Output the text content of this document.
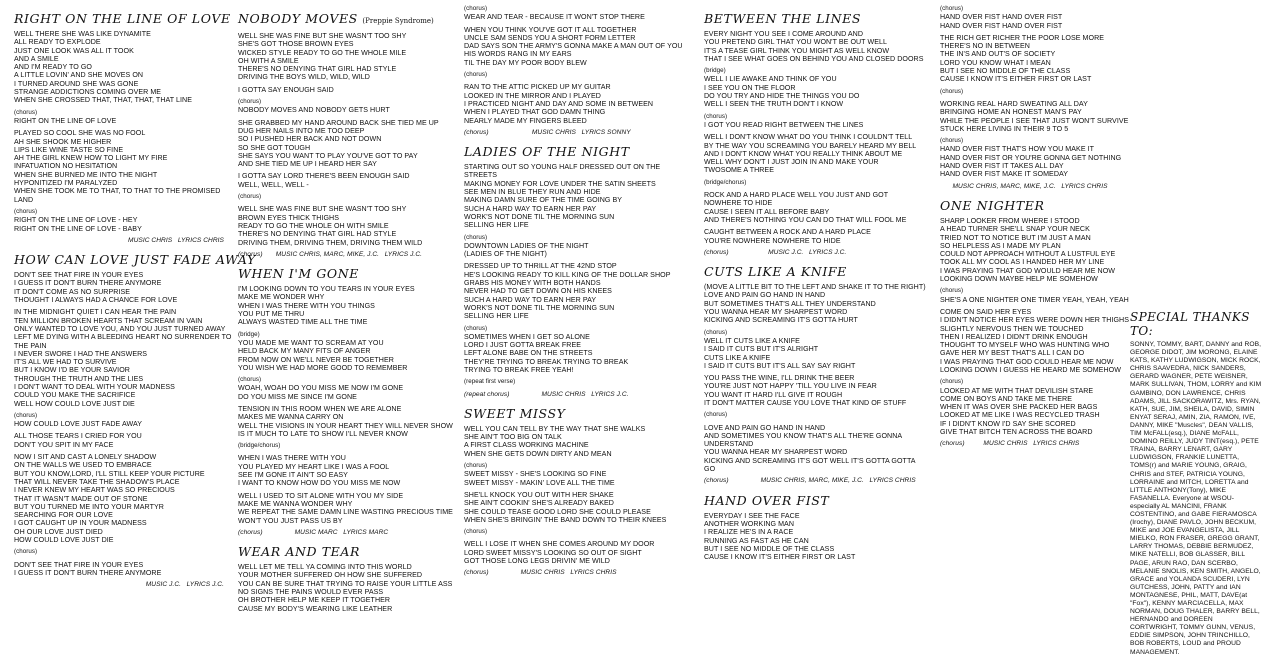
RIGHT ON THE LINE OF LOVE
WELL THERE SHE WAS LIKE DYNAMITE
ALL READY TO EXPLODE
JUST ONE LOOK WAS ALL IT TOOK
AND A SMILE
AND I'M READY TO GO
A LITTLE LOVIN' AND SHE MOVES ON
I TURNED AROUND SHE WAS GONE
STRANGE ADDICTIONS COMING OVER ME
WHEN SHE CROSSED THAT, THAT, THAT, THAT LINE
(chorus)
RIGHT ON THE LINE OF LOVE
PLAYED SO COOL SHE WAS NO FOOL
AH SHE SHOOK ME HIGHER
LIPS LIKE WINE TASTE SO FINE
AH THE GIRL KNEW HOW TO LIGHT MY FIRE
INFATUATION NO HESITATION
WHEN SHE BURNED ME INTO THE NIGHT
HYPONITIZED I'M PARALYZED
WHEN SHE TOOK ME TO THAT, TO THAT TO THE PROMISED
LAND
(chorus)
RIGHT ON THE LINE OF LOVE - HEY
RIGHT ON THE LINE OF LOVE - BABY
MUSIC CHRIS   LYRICS CHRIS
HOW CAN LOVE JUST FADE AWAY
DON'T SEE THAT FIRE IN YOUR EYES
I GUESS IT DON'T BURN THERE ANYMORE
IT DON'T COME AS NO SURPRISE
THOUGHT I ALWAYS HAD A CHANCE FOR LOVE
IN THE MIDNIGHT QUIET I CAN HEAR THE PAIN
TEN MILLION BROKEN HEARTS THAT SCREAM IN VAIN
ONLY WANTED TO LOVE YOU, AND YOU JUST TURNED AWAY
LEFT ME DYING WITH A BLEEDING HEART NO SURRENDER TO
THE PAIN
I NEVER SWORE I HAD THE ANSWERS
IT'S ALL WE HAD TO SURVIVE
BUT I KNOW I'D BE YOUR SAVIOR
THROUGH THE TRUTH AND THE LIES
I DON'T WANT TO DEAL WITH YOUR MADNESS
COULD YOU MAKE THE SACRIFICE
WELL HOW COULD LOVE JUST DIE
(chorus)
HOW COULD LOVE JUST FADE AWAY
ALL THOSE TEARS I CRIED FOR YOU
DON'T YOU SPIT IN MY FACE
NOW I SIT AND CAST A LONELY SHADOW
ON THE WALLS WE USED TO EMBRACE
BUT YOU KNOW,LORD, I'LL STILL KEEP YOUR PICTURE
THAT WILL NEVER TAKE THE SHADOW'S PLACE
I NEVER KNEW MY HEART WAS SO PRECIOUS
THAT IT WASN'T MADE OUT OF STONE
BUT YOU TURNED ME INTO YOUR MARTYR
SEARCHING FOR OUR LOVE
I GOT CAUGHT UP IN YOUR MADNESS
OH OUR LOVE JUST DIED
HOW COULD LOVE JUST DIE
(chorus)
DON'T SEE THAT FIRE IN YOUR EYES
I GUESS IT DON'T BURN THERE ANYMORE
MUSIC J.C.   LYRICS J.C.
NOBODY MOVES (Preppie Syndrome)
WELL SHE WAS FINE BUT SHE WASN'T TOO SHY
SHE'S GOT THOSE BROWN EYES
WICKED STYLE READY TO GO THE WHOLE MILE
OH WITH A SMILE
THERE'S NO DENYING THAT GIRL HAD STYLE
DRIVING THE BOYS WILD, WILD, WILD
I GOTTA SAY ENOUGH SAID
(chorus)
NOBODY MOVES AND NOBODY GETS HURT
SHE GRABBED MY HAND AROUND BACK SHE TIED ME UP
DUG HER NAILS INTO ME TOO DEEP
SO I PUSHED HER BACK AND NOT DOWN
SO SHE GOT TOUGH
SHE SAYS YOU WANT TO PLAY YOU'VE GOT TO PAY
AND SHE TIED ME UP I HEARD HER SAY
I GOTTA SAY LORD THERE'S BEEN ENOUGH SAID
WELL, WELL, WELL -
(chorus)
WELL SHE WAS FINE BUT SHE WASN'T TOO SHY
BROWN EYES THICK THIGHS
READY TO GO THE WHOLE OH WITH SMILE
THERE'S NO DENYING THAT GIRL HAD STYLE
DRIVING THEM, DRIVING THEM, DRIVING THEM WILD
(chorus)       MUSIC CHRIS, MARC, MIKE, J.C.   LYRICS J.C.
WHEN I'M GONE
I'M LOOKING DOWN TO YOU TEARS IN YOUR EYES
MAKE ME WONDER WHY
WHEN I WAS THERE WITH YOU THINGS
YOU PUT ME THRU
ALWAYS WASTED TIME ALL THE TIME
(bridge)
YOU MADE ME WANT TO SCREAM AT YOU
HELD BACK MY MANY FITS OF ANGER
FROM NOW ON WE'LL NEVER BE TOGETHER
YOU WISH WE HAD MORE GOOD TO REMEMBER
(chorus)
WOAH, WOAH DO YOU MISS ME NOW I'M GONE
DO YOU MISS ME SINCE I'M GONE
TENSION IN THIS ROOM WHEN WE ARE ALONE
MAKES ME WANNA CARRY ON
WELL THE VISIONS IN YOUR HEART THEY WILL NEVER SHOW
IS IT MUCH TO LATE TO SHOW I'LL NEVER KNOW
(bridge/chorus)
WHEN I WAS THERE WITH YOU
YOU PLAYED MY HEART LIKE I WAS A FOOL
SEE I'M GONE IT AIN'T SO EASY
I WANT TO KNOW HOW DO YOU MISS ME NOW
WELL I USED TO SIT ALONE WITH YOU MY SIDE
MAKE ME WANNA WONDER WHY
WE REPEAT THE SAME DAMN LINE WASTING PRECIOUS TIME
WON'T YOU JUST PASS US BY
(chorus)                 MUSIC MARC   LYRICS MARC
WEAR AND TEAR
WELL LET ME TELL YA COMING INTO THIS WORLD
YOUR MOTHER SUFFERED OH HOW SHE SUFFERED
YOU CAN BE SURE THAT TRYING TO RAISE YOUR LITTLE ASS
NO SIGNS THE PAINS WOULD EVER PASS
OH BROTHER HELP ME KEEP IT TOGETHER
CAUSE MY BODY'S WEARING LIKE LEATHER
(chorus)
WEAR AND TEAR - BECAUSE IT WON'T STOP THERE
WHEN YOU THINK YOU'VE GOT IT ALL TOGETHER
UNCLE SAM SENDS YOU A SHORT FORM LETTER
DAD SAYS SON THE ARMY'S GONNA MAKE A MAN OUT OF YOU
HIS WORDS RANG IN MY EARS
TIL THE DAY MY POOR BODY BLEW
(chorus)
RAN TO THE ATTIC PICKED UP MY GUITAR
LOOKED IN THE MIRROR AND I PLAYED
I PRACTICED NIGHT AND DAY AND SOME IN BETWEEN
WHEN I PLAYED THAT GOD DAMN THING
NEARLY MADE MY FINGERS BLEED
(chorus)                       MUSIC CHRIS   LYRICS SONNY
LADIES OF THE NIGHT
STARTING OUT SO YOUNG HALF DRESSED OUT ON THE
STREETS
MAKING MONEY FOR LOVE UNDER THE SATIN SHEETS
SEE MEN IN BLUE THEY RUN AND HIDE
MAKING DAMN SURE OF THE TIME GOING BY
SUCH A HARD WAY TO EARN HER PAY
WORK'S NOT DONE TIL THE MORNING SUN
SELLING HER LIFE
(chorus)
DOWNTOWN LADIES OF THE NIGHT
(LADIES OF THE NIGHT)
DRESSED UP TO THRILL AT THE 42ND STOP
HE'S LOOKING READY TO KILL KING OF THE DOLLAR SHOP
GRABS HIS MONEY WITH BOTH HANDS
NEVER HAD TO GET DOWN ON HIS KNEES
SUCH A HARD WAY TO EARN HER PAY
WORK'S NOT DONE TIL THE MORNING SUN
SELLING HER LIFE
(chorus)
SOMETIMES WHEN I GET SO ALONE
LORD I JUST GOTTA BREAK FREE
LEFT ALONE BABE ON THE STREETS
THEY'RE TRYING TO BREAK TRYING TO BREAK
TRYING TO BREAK FREE YEAH!
(repeat first verse)
(repeat chorus)                 MUSIC CHRIS   LYRICS J.C.
SWEET MISSY
WELL YOU CAN TELL BY THE WAY THAT SHE WALKS
SHE AIN'T TOO BIG ON TALK
A FIRST CLASS WORKING MACHINE
WHEN SHE GETS DOWN DIRTY AND MEAN
(chorus)
SWEET MISSY - SHE'S LOOKING SO FINE
SWEET MISSY - MAKIN' LOVE ALL THE TIME
SHE'LL KNOCK YOU OUT WITH HER SHAKE
SHE AIN'T COOKIN' SHE'S ALREADY BAKED
SHE COULD TEASE GOOD LORD SHE COULD PLEASE
WHEN SHE'S BRINGIN' THE BAND DOWN TO THEIR KNEES
(chorus)
WELL I LOSE IT WHEN SHE COMES AROUND MY DOOR
LORD SWEET MISSY'S LOOKING SO OUT OF SIGHT
GOT THOSE LONG LEGS DRIVIN' ME WILD
(chorus)                 MUSIC CHRIS   LYRICS CHRIS
BETWEEN THE LINES
EVERY NIGHT YOU SEE I COME AROUND AND
YOU PRETEND GIRL THAT YOU WON'T BE OUT WELL
IT'S A TEASE GIRL THINK YOU MIGHT AS WELL KNOW
THAT I SEE WHAT GOES ON BEHIND YOU AND CLOSED DOORS
(bridge)
WELL I LIE AWAKE AND THINK OF YOU
I SEE YOU ON THE FLOOR
DO YOU TRY AND HIDE THE THINGS YOU DO
WELL I SEEN THE TRUTH DON'T I KNOW
(chorus)
I GOT YOU READ RIGHT BETWEEN THE LINES
WELL I DON'T KNOW WHAT DO YOU THINK I COULDN'T TELL
BY THE WAY YOU SCREAMING YOU BARELY HEARD MY BELL
AND I DON'T KNOW WHAT YOU REALLY THINK ABOUT ME
WELL WHY DON'T I JUST JOIN IN AND MAKE YOUR
TWOSOME A THREE
(bridge/chorus)
ROCK AND A HARD PLACE WELL YOU JUST AND GOT
NOWHERE TO HIDE
CAUSE I SEEN IT ALL BEFORE BABY
AND THERE'S NOTHING YOU CAN DO THAT WILL FOOL ME
CAUGHT BETWEEN A ROCK AND A HARD PLACE
YOU'RE NOWHERE NOWHERE TO HIDE
(chorus)                     MUSIC J.C.   LYRICS J.C.
CUTS LIKE A KNIFE
(MOVE A LITTLE BIT TO THE LEFT AND SHAKE IT TO THE RIGHT)
LOVE AND PAIN GO HAND IN HAND
BUT SOMETIMES THAT'S ALL THEY UNDERSTAND
YOU WANNA HEAR MY SHARPEST WORD
KICKING AND SCREAMING IT'S GOTTA HURT
(chorus)
WELL IT CUTS LIKE A KNIFE
I SAID IT CUTS BUT IT'S ALRIGHT
CUTS LIKE A KNIFE
I SAID IT CUTS BUT IT'S ALL SAY SAY RIGHT
YOU PASS THE WINE, I'LL DRINK THE BEER
YOU'RE JUST NOT HAPPY 'TILL YOU LIVE IN FEAR
YOU WANT IT HARD I'LL GIVE IT ROUGH
IT DON'T MATTER CAUSE YOU LOVE THAT KIND OF STUFF
(chorus)
LOVE AND PAIN GO HAND IN HAND
AND SOMETIMES YOU KNOW THAT'S ALL THE'RE GONNA
UNDERSTAND
YOU WANNA HEAR MY SHARPEST WORD
KICKING AND SCREAMING IT'S GOT WELL IT'S GOTTA GOTTA
GO
(chorus)                 MUSIC CHRIS, MARC, MIKE, J.C.   LYRICS CHRIS
HAND OVER FIST
EVERYDAY I SEE THE FACE
ANOTHER WORKING MAN
I REALIZE HE'S IN A RACE
RUNNING AS FAST AS HE CAN
BUT I SEE NO MIDDLE OF THE CLASS
CAUSE I KNOW IT'S EITHER FIRST OR LAST
(chorus)
HAND OVER FIST HAND OVER FIST
HAND OVER FIST HAND OVER FIST
THE RICH GET RICHER THE POOR LOSE MORE
THERE'S NO IN BETWEEN
THE IN'S AND OUT'S OF SOCIETY
LORD YOU KNOW WHAT I MEAN
BUT I SEE NO MIDDLE OF THE CLASS
CAUSE I KNOW IT'S EITHER FIRST OR LAST
(chorus)
WORKING REAL HARD SWEATING ALL DAY
BRINGING HOME AN HONEST MAN'S PAY
WHILE THE PEOPLE I SEE THAT JUST WON'T SURVIVE
STUCK HERE LIVING IN THEIR 9 TO 5
(chorus)
HAND OVER FIST THAT'S HOW YOU MAKE IT
HAND OVER FIST OR YOU'RE GONNA GET NOTHING
HAND OVER FIST IT TAKES ALL DAY
HAND OVER FIST MAKE IT SOMEDAY
MUSIC CHRIS, MARC, MIKE, J.C.   LYRICS CHRIS
ONE NIGHTER
SHARP LOOKER FROM WHERE I STOOD
A HEAD TURNER SHE'LL SNAP YOUR NECK
TRIED NOT TO NOTICE BUT I'M JUST A MAN
SO HELPLESS AS I MADE MY PLAN
COULD NOT APPROACH WITHOUT A LUSTFUL EYE
TOOK ALL MY COOL AS I HANDED HER MY LINE
I WAS PRAYING THAT GOD WOULD HEAR ME NOW
LOOKING DOWN MAYBE HELP ME SOMEHOW
(chorus)
SHE'S A ONE NIGHTER ONE TIMER YEAH, YEAH, YEAH
COME ON SAID HER EYES
I DIDN'T NOTICE HER EYES WERE DOWN HER THIGHS
SLIGHTLY NERVOUS THEN WE TOUCHED
THEN I REALIZED I DIDN'T DRINK ENOUGH
THOUGHT TO MYSELF WHO WAS HUNTING WHO
GAVE HER MY BEST THAT'S ALL I CAN DO
I WAS PRAYING THAT GOD COULD HEAR ME NOW
LOOKING DOWN I GUESS HE HEARD ME SOMEHOW
(chorus)
LOOKED AT ME WITH THAT DEVILISH STARE
COME ON BOYS AND TAKE ME THERE
WHEN IT WAS OVER SHE PACKED HER BAGS
LOOKED AT ME LIKE I WAS RECYCLED TRASH
IF I DIDN'T KNOW I'D SAY SHE SCORED
GIVE THAT BITCH TEN ACROSS THE BOARD
(chorus)          MUSIC CHRIS   LYRICS CHRIS
SPECIAL THANKS TO:
SONNY, TOMMY, BART, DANNY and ROB, GEORGE DIDOT, JIM MORONG, ELAINE KATS, KATHY LUDWIGSON, MICK ROCK, CHRIS SAAVEDRA, NICK SANDERS, GERARD WAGNER, PETE WEISNER, MARK SULLIVAN, THOM, LORRY and KIM GAMBINO, DON LAWRENCE, CHRIS ADAMS, JILL SACKORAWITZ, Mrs. RYAN, KATH, SUE, JIM, SHEILA, DAVID, SIMIN ENYAT SERAJ, AMIN, ZIA, RAMON, IVE, DANNY, MIKE "Muscles", DEAN VALLIS, TIM McFALL(esq.), DIANE McFALL, DOMINO REILLY, JUDY TINT(esq.), PETE TRAINA, BARRY LENART, GARY LUDWIGSON, FRANKIE LUNETTA, TOMS(r) and MARIE YOUNG, GRAIG, CHRIS and STEF, PATRICIA YOUNG, LORRAINE and MITCH, LORETTA and LITTLE ANTHONY(Tony), MIKE FASANELLA. Everyone at WSOU-especially AL MANCINI, FRANK COSTENTINO, and GABE FIERAMOSCA (Irochy), DIANE PAVLO, JOHN BECKUM, MIKE and JOE EVANGELISTA, JILL MIELKO, RON FRASER, GREGG GRANT, LARRY THOMAS, DEBBIE BERMUDEZ, MIKE NATELLI, BOB GLASSER, BILL PAGE, ARUN RAO, DAN SCERBO, MELANIE SNOLIS, KEN SMITH, ANGELO, GRACE and YOLANDA SCUDERI, LYN GUTCHESS, JOHN, PATTY and IAN MONTAGNESE, PHIL, MATT, DAVE(at "Fox"), KENNY MARCIACELLA, MAX NORMAN, DOUG THALER, BARRY BELL, HERNANDO and DOREEN CORTWRIGHT, TOMMY GUNN, VENUS, EDDIE SIMPSON, JOHN TRINCHILLO, BOB ROBERTS, LOUD and PROUD MANAGEMENT.
